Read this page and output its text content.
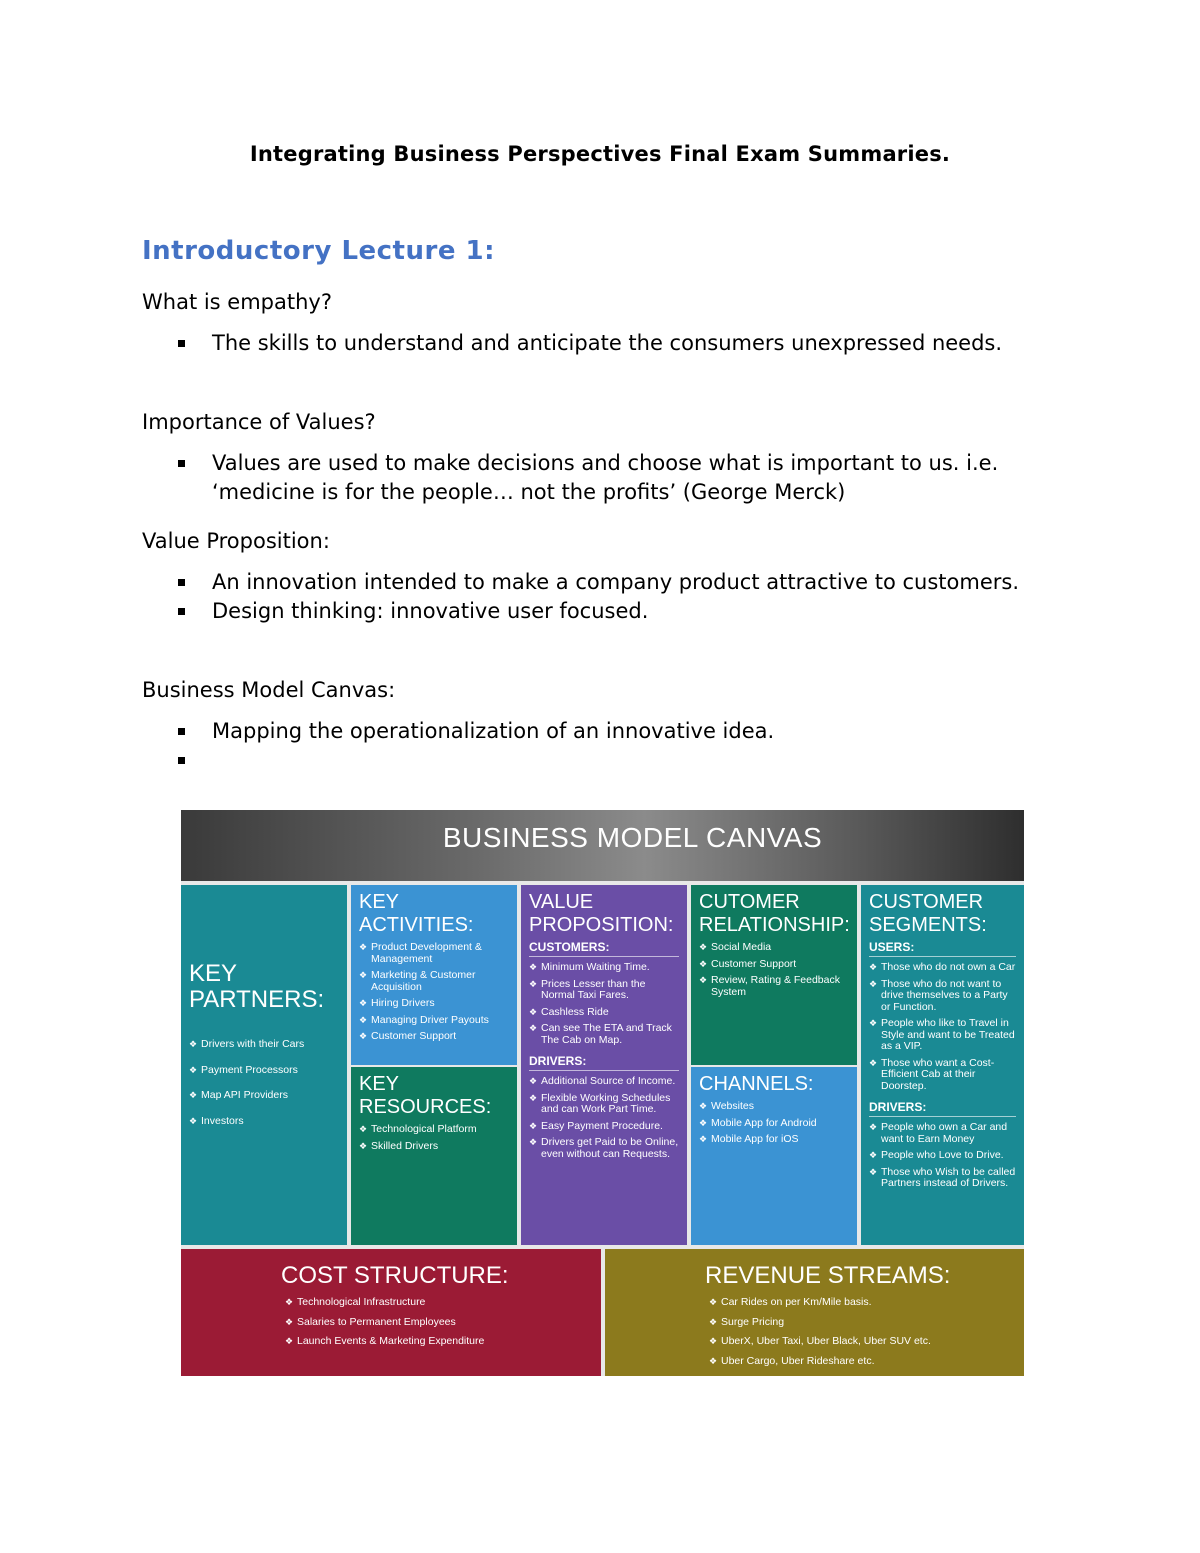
Integrating Business Perspectives Final Exam Summaries.
Introductory Lecture 1:
What is empathy?
The skills to understand and anticipate the consumers unexpressed needs.
Importance of Values?
Values are used to make decisions and choose what is important to us. i.e. ‘medicine is for the people… not the profits’ (George Merck)
Value Proposition:
An innovation intended to make a company product attractive to customers.
Design thinking: innovative user focused.
Business Model Canvas:
Mapping the operationalization of an innovative idea.

BUSINESS MODEL CANVAS
KEY PARTNERS:
❖ Drivers with their Cars
❖ Payment Processors
❖ Map API Providers
❖ Investors
KEY ACTIVITIES:
❖ Product Development & Management
❖ Marketing & Customer Acquisition
❖ Hiring Drivers
❖ Managing Driver Payouts
❖ Customer Support
KEY RESOURCES:
❖ Technological Platform
❖ Skilled Drivers
VALUE PROPOSITION:
CUSTOMERS:
❖ Minimum Waiting Time.
❖ Prices Lesser than the Normal Taxi Fares.
❖ Cashless Ride
❖ Can see The ETA and Track The Cab on Map.
DRIVERS:
❖ Additional Source of Income.
❖ Flexible Working Schedules and can Work Part Time.
❖ Easy Payment Procedure.
❖ Drivers get Paid to be Online, even without can Requests.
CUTOMER RELATIONSHIP:
❖ Social Media
❖ Customer Support
❖ Review, Rating & Feedback System
CHANNELS:
❖ Websites
❖ Mobile App for Android
❖ Mobile App for iOS
CUSTOMER SEGMENTS:
USERS:
❖ Those who do not own a Car
❖ Those who do not want to drive themselves to a Party or Function.
❖ People who like to Travel in Style and want to be Treated as a VIP.
❖ Those who want a Cost-Efficient Cab at their Doorstep.
DRIVERS:
❖ People who own a Car and want to Earn Money
❖ People who Love to Drive.
❖ Those who Wish to be called Partners instead of Drivers.
COST STRUCTURE:
❖ Technological Infrastructure
❖ Salaries to Permanent Employees
❖ Launch Events & Marketing Expenditure
REVENUE STREAMS:
❖ Car Rides on per Km/Mile basis.
❖ Surge Pricing
❖ UberX, Uber Taxi, Uber Black, Uber SUV etc.
❖ Uber Cargo, Uber Rideshare etc.
